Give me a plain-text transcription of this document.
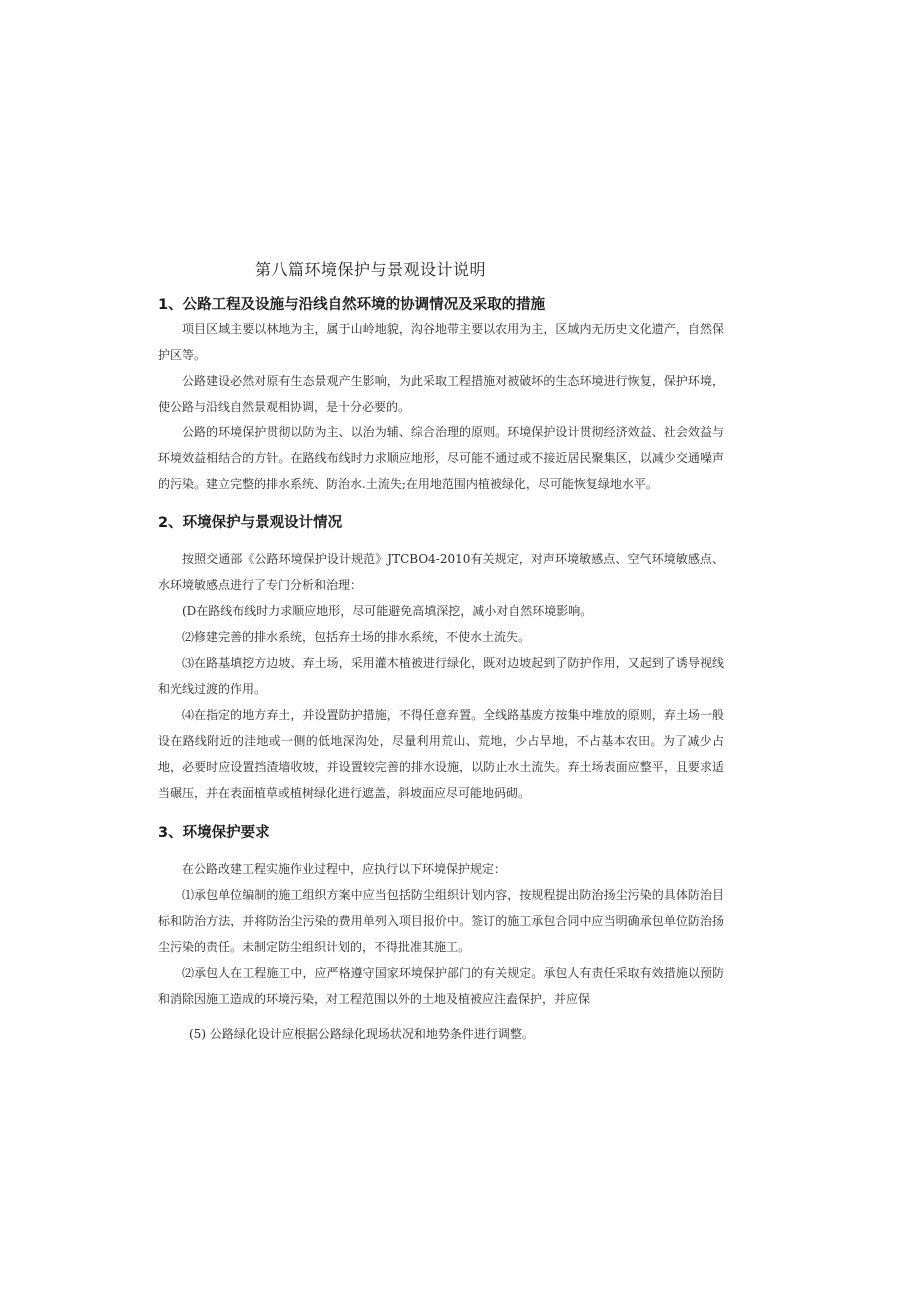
第八篇环境保护与景观设计说明
1、公路工程及设施与沿线自然环境的协调情况及采取的措施

项目区域主要以林地为主，属于山岭地貌，沟谷地带主要以农用为主，区域内无历史文化遗产，自然保护区等。

公路建设必然对原有生态景观产生影响，为此采取工程措施对被破坏的生态环境进行恢复，保护环境，使公路与沿线自然景观相协调，是十分必要的。

公路的环境保护贯彻以防为主、以治为辅、综合治理的原则。环境保护设计贯彻经济效益、社会效益与环境效益相结合的方针。在路线布线时力求顺应地形，尽可能不通过或不接近居民聚集区，以减少交通噪声的污染。建立完整的排水系统、防治水.土流失;在用地范围内植被绿化，尽可能恢复绿地水平。

2、环境保护与景观设计情况

按照交通部《公路环境保护设计规范》JTCBO4-2010有关规定，对声环境敏感点、空气环境敏感点、水环境敏感点进行了专门分析和治理：

(D在路线布线时力求顺应地形，尽可能避免高填深挖，减小对自然环境影响。

⑵修建完善的排水系统，包括弃土场的排水系统，不使水土流失。

⑶在路基填挖方边坡、弃土场，采用灌木植被进行绿化，既对边坡起到了防护作用，又起到了诱导视线和光线过渡的作用。

⑷在指定的地方弃土，并设置防护措施，不得任意弃置。全线路基废方按集中堆放的原则，弃土场一般设在路线附近的洼地或一侧的低地深沟处，尽量利用荒山、荒地，少占旱地，不占基本农田。为了减少占地，必要时应设置挡渣墙收坡，并设置较完善的排水设施，以防止水土流失。弃土场表面应整平，且要求适当碾压，并在表面植草或植树绿化进行遮盖，斜坡面应尽可能地码砌。

3、环境保护要求

在公路改建工程实施作业过程中，应执行以下环境保护规定：

⑴承包单位编制的施工组织方案中应当包括防尘组织计划内容，按规程提出防治扬尘污染的具体防治目标和防治方法，并将防治尘污染的费用单列入项目报价中。签订的施工承包合同中应当明确承包单位防治扬尘污染的责任。未制定防尘组织计划的，不得批准其施工。

⑵承包人在工程施工中，应严格遵守国家环境保护部门的有关规定。承包人有责任采取有效措施以预防和消除因施工造成的环境污染，对工程范围以外的土地及植被应注盍保护，并应保

(5) 公路绿化设计应根据公路绿化现场状况和地势条件进行调整。
